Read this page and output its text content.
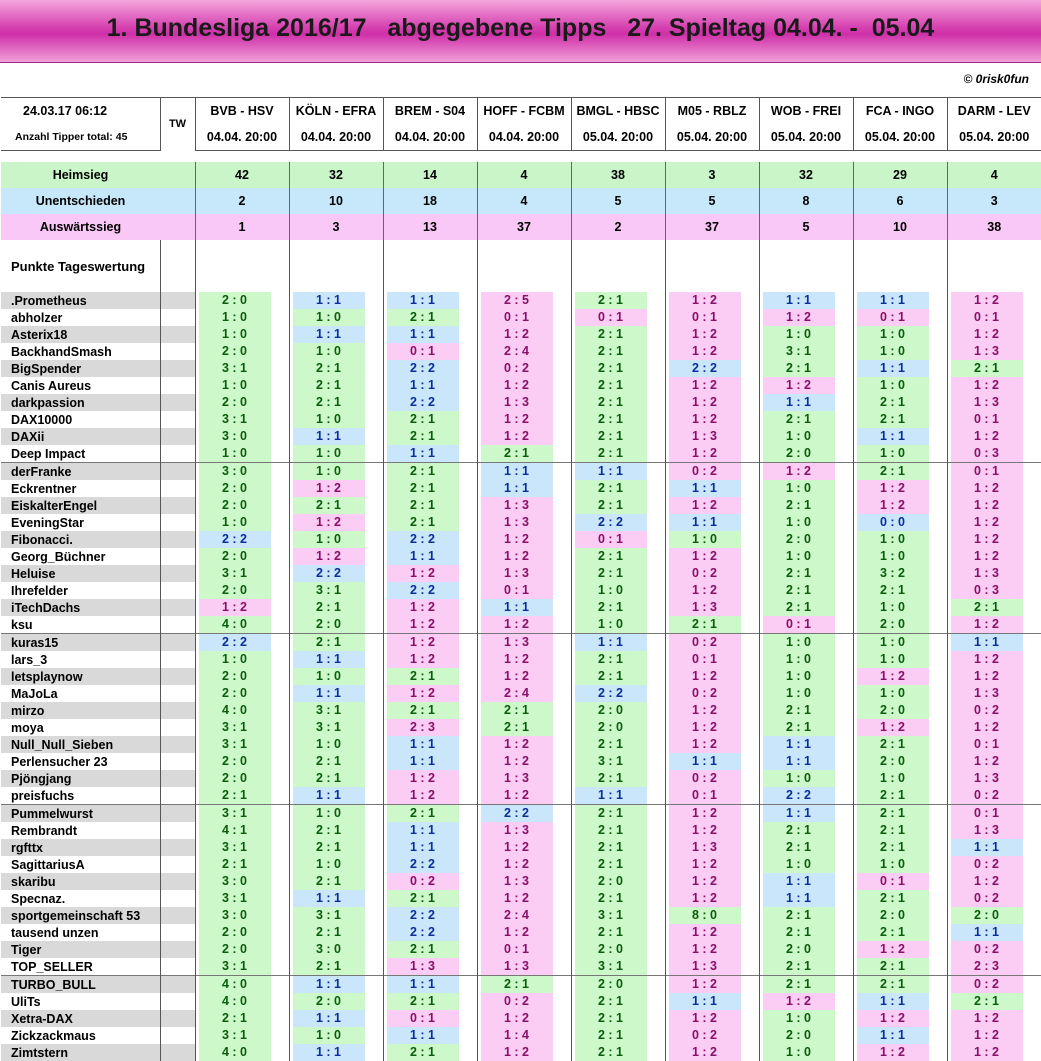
1. Bundesliga 2016/17   abgegebene Tipps   27. Spieltag 04.04. -  05.04
© 0risk0fun
24.03.17 06:12	TW	BVB - HSV	KÖLN - EFRA	BREM - S04	HOFF - FCBM	BMGL - HBSC	M05 - RBLZ	WOB - FREI	FCA - INGO	DARM - LEV
Anzahl Tipper total: 45		04.04. 20:00	04.04. 20:00	04.04. 20:00	04.04. 20:00	05.04. 20:00	05.04. 20:00	05.04. 20:00	05.04. 20:00	05.04. 20:00

Heimsieg		42	32	14	4	38	3	32	29	4
Unentschieden		2	10	18	4	5	5	8	6	3
Auswärtssieg		1	3	13	37	2	37	5	10	38
Punkte Tageswertung										
.Prometheus		2 : 0	1 : 1	1 : 1	2 : 5	2 : 1	1 : 2	1 : 1	1 : 1	1 : 2

abholzer		1 : 0	1 : 0	2 : 1	0 : 1	0 : 1	0 : 1	1 : 2	0 : 1	0 : 1

Asterix18		1 : 0	1 : 1	1 : 1	1 : 2	2 : 1	1 : 2	1 : 0	1 : 0	1 : 2

BackhandSmash		2 : 0	1 : 0	0 : 1	2 : 4	2 : 1	1 : 2	3 : 1	1 : 0	1 : 3

BigSpender		3 : 1	2 : 1	2 : 2	0 : 2	2 : 1	2 : 2	2 : 1	1 : 1	2 : 1

Canis Aureus		1 : 0	2 : 1	1 : 1	1 : 2	2 : 1	1 : 2	1 : 2	1 : 0	1 : 2

darkpassion		2 : 0	2 : 1	2 : 2	1 : 3	2 : 1	1 : 2	1 : 1	2 : 1	1 : 3

DAX10000		3 : 1	1 : 0	2 : 1	1 : 2	2 : 1	1 : 2	2 : 1	2 : 1	0 : 1

DAXii		3 : 0	1 : 1	2 : 1	1 : 2	2 : 1	1 : 3	1 : 0	1 : 1	1 : 2

Deep Impact		1 : 0	1 : 0	1 : 1	2 : 1	2 : 1	1 : 2	2 : 0	1 : 0	0 : 3

derFranke		3 : 0	1 : 0	2 : 1	1 : 1	1 : 1	0 : 2	1 : 2	2 : 1	0 : 1

Eckrentner		2 : 0	1 : 2	2 : 1	1 : 1	2 : 1	1 : 1	1 : 0	1 : 2	1 : 2

EiskalterEngel		2 : 0	2 : 1	2 : 1	1 : 3	2 : 1	1 : 2	2 : 1	1 : 2	1 : 2

EveningStar		1 : 0	1 : 2	2 : 1	1 : 3	2 : 2	1 : 1	1 : 0	0 : 0	1 : 2

Fibonacci.		2 : 2	1 : 0	2 : 2	1 : 2	0 : 1	1 : 0	2 : 0	1 : 0	1 : 2

Georg_Büchner		2 : 0	1 : 2	1 : 1	1 : 2	2 : 1	1 : 2	1 : 0	1 : 0	1 : 2

Heluise		3 : 1	2 : 2	1 : 2	1 : 3	2 : 1	0 : 2	2 : 1	3 : 2	1 : 3

Ihrefelder		2 : 0	3 : 1	2 : 2	0 : 1	1 : 0	1 : 2	2 : 1	2 : 1	0 : 3

iTechDachs		1 : 2	2 : 1	1 : 2	1 : 1	2 : 1	1 : 3	2 : 1	1 : 0	2 : 1

ksu		4 : 0	2 : 0	1 : 2	1 : 2	1 : 0	2 : 1	0 : 1	2 : 0	1 : 2

kuras15		2 : 2	2 : 1	1 : 2	1 : 3	1 : 1	0 : 2	1 : 0	1 : 0	1 : 1

lars_3		1 : 0	1 : 1	1 : 2	1 : 2	2 : 1	0 : 1	1 : 0	1 : 0	1 : 2

letsplaynow		2 : 0	1 : 0	2 : 1	1 : 2	2 : 1	1 : 2	1 : 0	1 : 2	1 : 2

MaJoLa		2 : 0	1 : 1	1 : 2	2 : 4	2 : 2	0 : 2	1 : 0	1 : 0	1 : 3

mirzo		4 : 0	3 : 1	2 : 1	2 : 1	2 : 0	1 : 2	2 : 1	2 : 0	0 : 2

moya		3 : 1	3 : 1	2 : 3	2 : 1	2 : 0	1 : 2	2 : 1	1 : 2	1 : 2

Null_Null_Sieben		3 : 1	1 : 0	1 : 1	1 : 2	2 : 1	1 : 2	1 : 1	2 : 1	0 : 1

Perlensucher 23		2 : 0	2 : 1	1 : 1	1 : 2	3 : 1	1 : 1	1 : 1	2 : 0	1 : 2

Pjöngjang		2 : 0	2 : 1	1 : 2	1 : 3	2 : 1	0 : 2	1 : 0	1 : 0	1 : 3

preisfuchs		2 : 1	1 : 1	1 : 2	1 : 2	1 : 1	0 : 1	2 : 2	2 : 1	0 : 2

Pummelwurst		3 : 1	1 : 0	2 : 1	2 : 2	2 : 1	1 : 2	1 : 1	2 : 1	0 : 1

Rembrandt		4 : 1	2 : 1	1 : 1	1 : 3	2 : 1	1 : 2	2 : 1	2 : 1	1 : 3

rgfttx		3 : 1	2 : 1	1 : 1	1 : 2	2 : 1	1 : 3	2 : 1	2 : 1	1 : 1

SagittariusA		2 : 1	1 : 0	2 : 2	1 : 2	2 : 1	1 : 2	1 : 0	1 : 0	0 : 2

skaribu		3 : 0	2 : 1	0 : 2	1 : 3	2 : 0	1 : 2	1 : 1	0 : 1	1 : 2

Specnaz.		3 : 1	1 : 1	2 : 1	1 : 2	2 : 1	1 : 2	1 : 1	2 : 1	0 : 2

sportgemeinschaft 53		3 : 0	3 : 1	2 : 2	2 : 4	3 : 1	8 : 0	2 : 1	2 : 0	2 : 0

tausend unzen		2 : 0	2 : 1	2 : 2	1 : 2	2 : 1	1 : 2	2 : 1	2 : 1	1 : 1

Tiger		2 : 0	3 : 0	2 : 1	0 : 1	2 : 0	1 : 2	2 : 0	1 : 2	0 : 2

TOP_SELLER		3 : 1	2 : 1	1 : 3	1 : 3	3 : 1	1 : 3	2 : 1	2 : 1	2 : 3

TURBO_BULL		4 : 0	1 : 1	1 : 1	2 : 1	2 : 0	1 : 2	2 : 1	2 : 1	0 : 2

UliTs		4 : 0	2 : 0	2 : 1	0 : 2	2 : 1	1 : 1	1 : 2	1 : 1	2 : 1

Xetra-DAX		2 : 1	1 : 1	0 : 1	1 : 2	2 : 1	1 : 2	1 : 0	1 : 2	1 : 2

Zickzackmaus		3 : 1	1 : 0	1 : 1	1 : 4	2 : 1	0 : 2	2 : 0	1 : 1	1 : 2

Zimtstern		4 : 0	1 : 1	2 : 1	1 : 2	2 : 1	1 : 2	1 : 0	1 : 2	1 : 2
